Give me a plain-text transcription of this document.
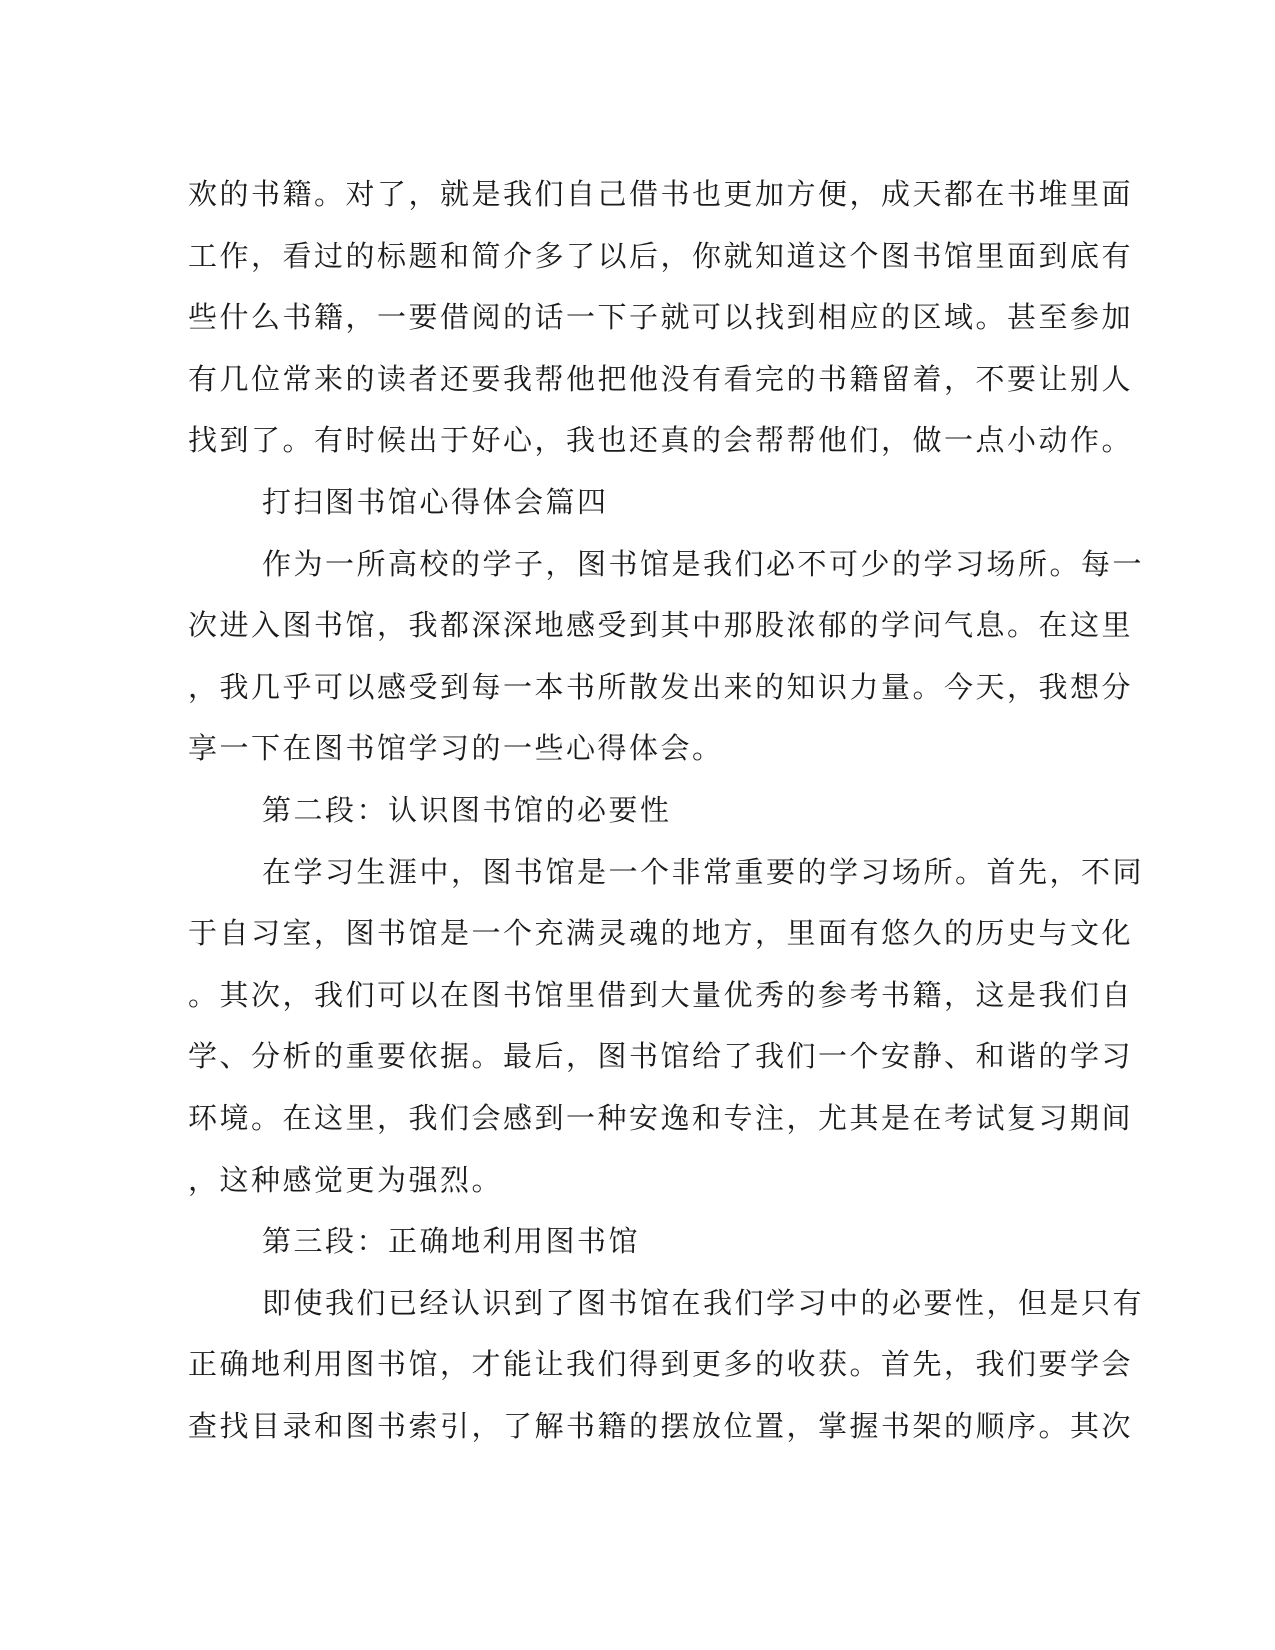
欢的书籍。对了，就是我们自己借书也更加方便，成天都在书堆里面
工作，看过的标题和简介多了以后，你就知道这个图书馆里面到底有
些什么书籍，一要借阅的话一下子就可以找到相应的区域。甚至参加
有几位常来的读者还要我帮他把他没有看完的书籍留着，不要让别人
找到了。有时候出于好心，我也还真的会帮帮他们，做一点小动作。
打扫图书馆心得体会篇四
作为一所高校的学子，图书馆是我们必不可少的学习场所。每一
次进入图书馆，我都深深地感受到其中那股浓郁的学问气息。在这里
，我几乎可以感受到每一本书所散发出来的知识力量。今天，我想分
享一下在图书馆学习的一些心得体会。
第二段：认识图书馆的必要性
在学习生涯中，图书馆是一个非常重要的学习场所。首先，不同
于自习室，图书馆是一个充满灵魂的地方，里面有悠久的历史与文化
。其次，我们可以在图书馆里借到大量优秀的参考书籍，这是我们自
学、分析的重要依据。最后，图书馆给了我们一个安静、和谐的学习
环境。在这里，我们会感到一种安逸和专注，尤其是在考试复习期间
，这种感觉更为强烈。
第三段：正确地利用图书馆
即使我们已经认识到了图书馆在我们学习中的必要性，但是只有
正确地利用图书馆，才能让我们得到更多的收获。首先，我们要学会
查找目录和图书索引，了解书籍的摆放位置，掌握书架的顺序。其次
